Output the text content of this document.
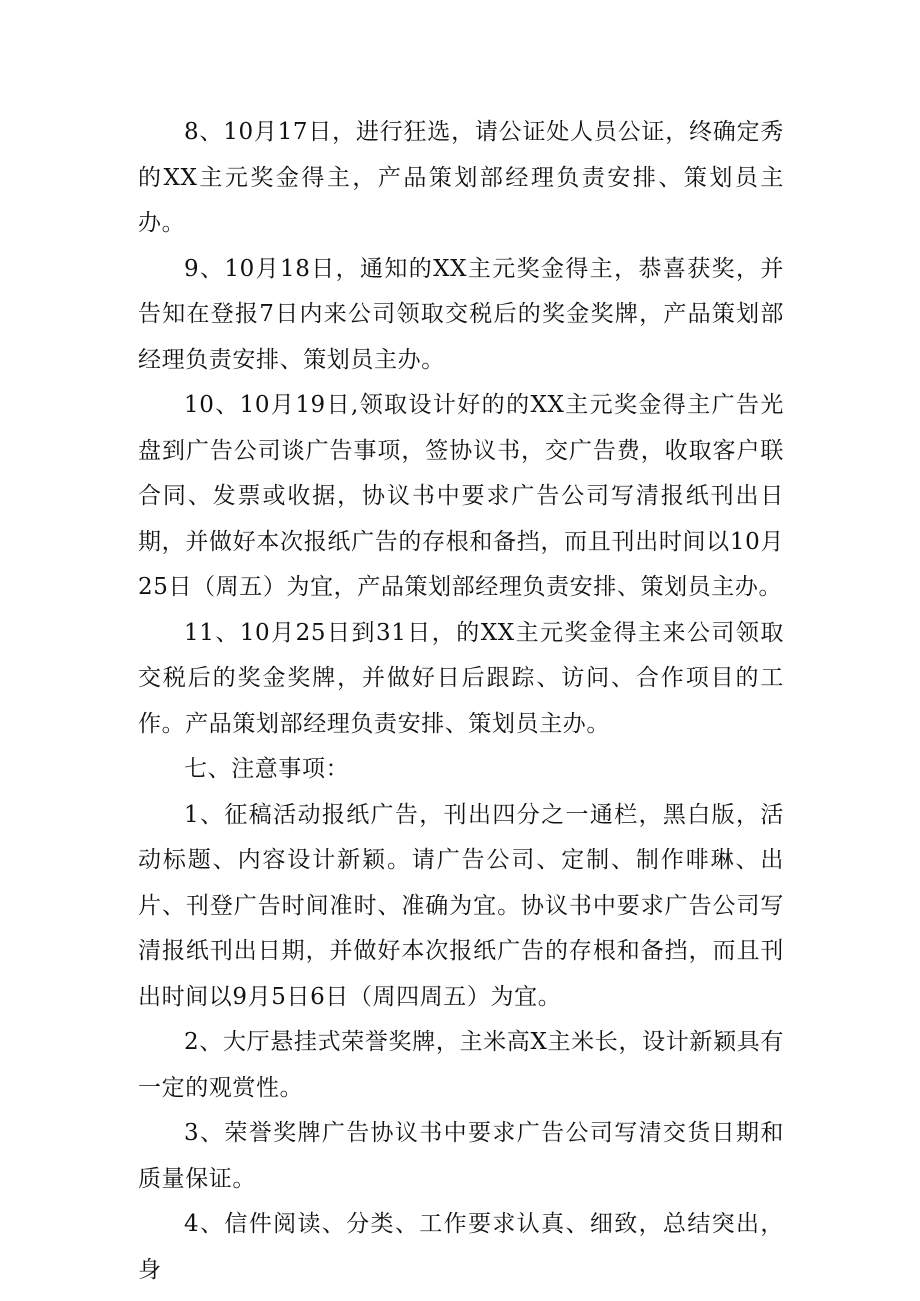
8、10月17日，进行狂选，请公证处人员公证，终确定秀的XX主元奖金得主，产品策划部经理负责安排、策划员主办。

9、10月18日，通知的XX主元奖金得主，恭喜获奖，并告知在登报7日内来公司领取交税后的奖金奖牌，产品策划部经理负责安排、策划员主办。

10、10月19日,领取设计好的的XX主元奖金得主广告光盘到广告公司谈广告事项，签协议书，交广告费，收取客户联合同、发票或收据，协议书中要求广告公司写清报纸刊出日期，并做好本次报纸广告的存根和备挡，而且刊出时间以10月25日（周五）为宜，产品策划部经理负责安排、策划员主办。

11、10月25日到31日，的XX主元奖金得主来公司领取交税后的奖金奖牌，并做好日后跟踪、访问、合作项目的工作。产品策划部经理负责安排、策划员主办。

七、注意事项：

1、征稿活动报纸广告，刊出四分之一通栏，黑白版，活动标题、内容设计新颖。请广告公司、定制、制作啡琳、出片、刊登广告时间准时、准确为宜。协议书中要求广告公司写清报纸刊出日期，并做好本次报纸广告的存根和备挡，而且刊出时间以9月5日6日（周四周五）为宜。

2、大厅悬挂式荣誉奖牌，主米高X主米长，设计新颖具有一定的观赏性。

3、荣誉奖牌广告协议书中要求广告公司写清交货日期和质量保证。

4、信件阅读、分类、工作要求认真、细致，总结突出，身
